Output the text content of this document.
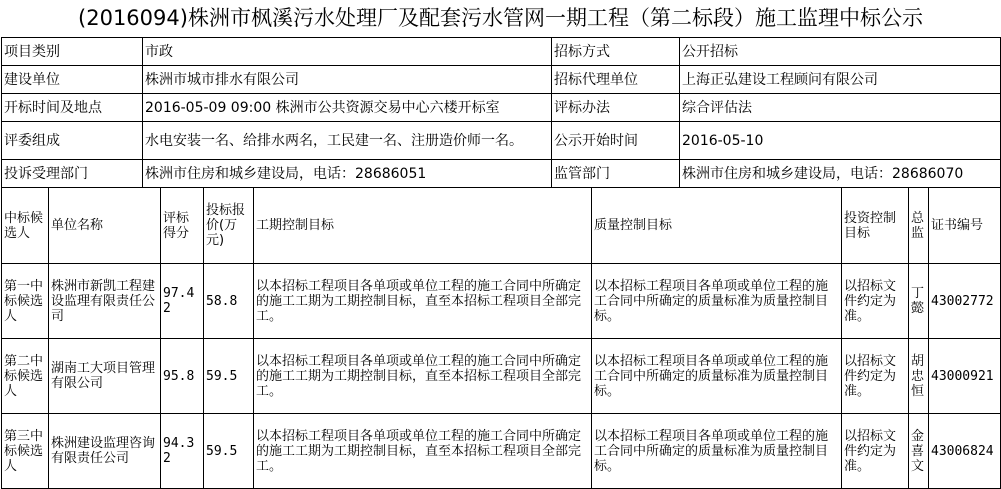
(2016094)株洲市枫溪污水处理厂及配套污水管网一期工程（第二标段）施工监理中标公示
项目类别	市政	招标方式	公开招标
建设单位	株洲市城市排水有限公司	招标代理单位	上海正弘建设工程顾问有限公司
开标时间及地点	2016-05-09 09:00 株洲市公共资源交易中心六楼开标室	评标办法	综合评估法
评委组成	水电安装一名、给排水两名，工民建一名、注册造价师一名。	公示开始时间	2016-05-10
投诉受理部门	株洲市住房和城乡建设局，电话：28686051	监管部门	株洲市住房和城乡建设局，电话：28686070
中标候选人	单位名称	评标得分	投标报价(万元)	工期控制目标	质量控制目标	投资控制目标	总监	证书编号
第一中标候选人	株洲市新凯工程建设监理有限责任公司	97.42	58.8	以本招标工程项目各单项或单位工程的施工合同中所确定的施工工期为工期控制目标，直至本招标工程项目全部完工。	以本招标工程项目各单项或单位工程的施工合同中所确定的质量标准为质量控制目标。	以招标文件约定为准。	丁懿	43002772
第二中标候选人	湖南工大项目管理有限公司	95.8	59.5	以本招标工程项目各单项或单位工程的施工合同中所确定的施工工期为工期控制目标，直至本招标工程项目全部完工。	以本招标工程项目各单项或单位工程的施工合同中所确定的质量标准为质量控制目标。	以招标文件约定为准。	胡忠恒	43000921
第三中标候选人	株洲建设监理咨询有限责任公司	94.32	59.5	以本招标工程项目各单项或单位工程的施工合同中所确定的施工工期为工期控制目标，直至本招标工程项目全部完工。	以本招标工程项目各单项或单位工程的施工合同中所确定的质量标准为质量控制目标。	以招标文件约定为准。	金喜文	43006824
